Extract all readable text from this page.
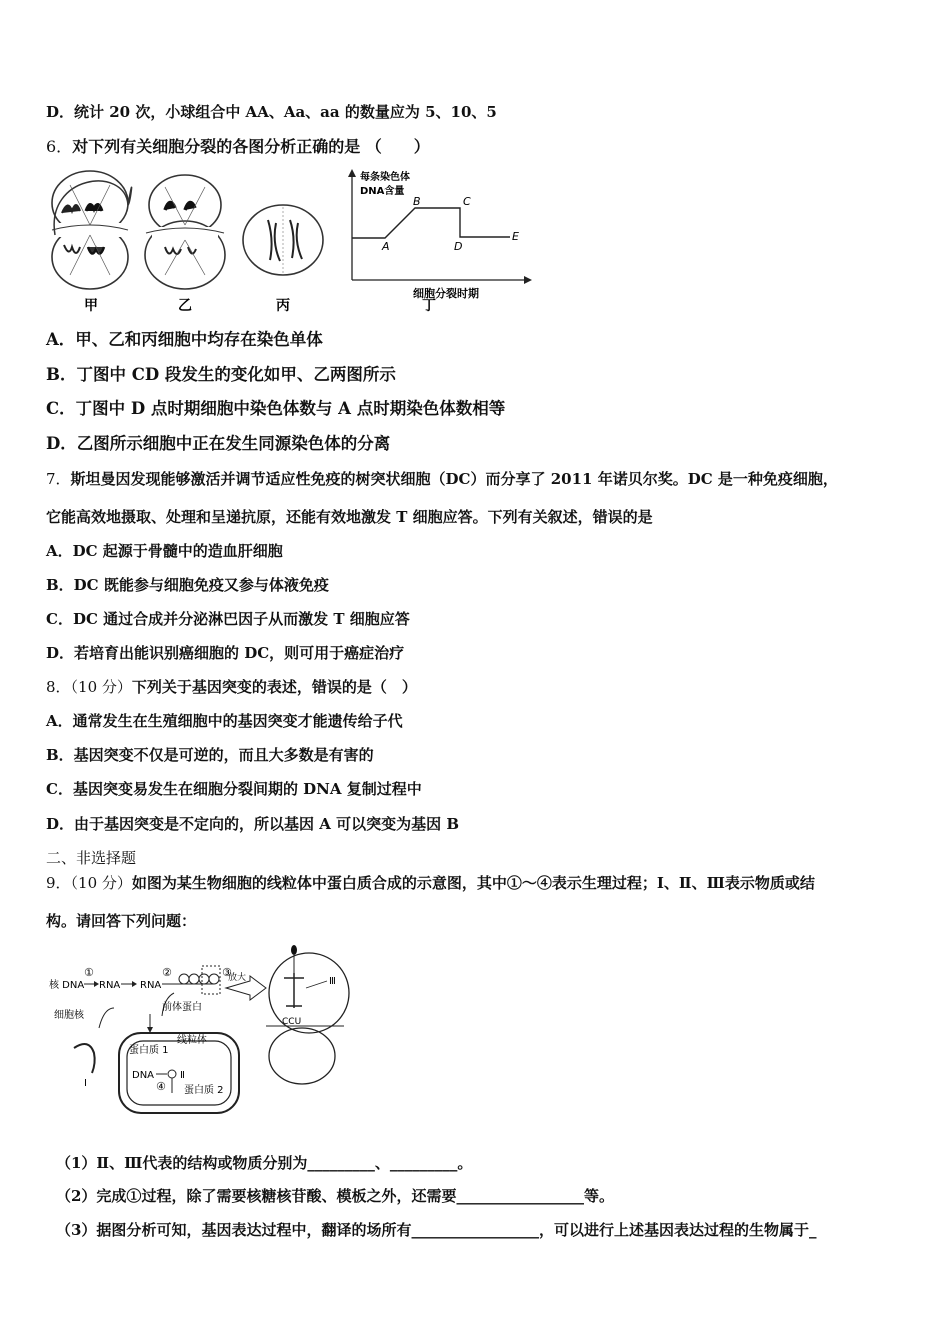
D．统计 20 次，小球组合中 AA、Aa、aa 的数量应为 5、10、5
6．对下列有关细胞分裂的各图分析正确的是 （　　）
甲	乙	丙
每条染色体
DNA含量
细胞分裂时期
A
B	C
D
E
丁
A．甲、乙和丙细胞中均存在染色单体
B．丁图中 CD 段发生的变化如甲、乙两图所示
C．丁图中 D 点时期细胞中染色体数与 A 点时期染色体数相等
D．乙图所示细胞中正在发生同源染色体的分离
7．斯坦曼因发现能够激活并调节适应性免疫的树突状细胞（DC）而分享了 2011 年诺贝尔奖。DC 是一种免疫细胞，
它能高效地摄取、处理和呈递抗原，还能有效地激发 T 细胞应答。下列有关叙述，错误的是
A．DC 起源于骨髓中的造血肝细胞
B．DC 既能参与细胞免疫又参与体液免疫
C．DC 通过合成并分泌淋巴因子从而激发 T 细胞应答
D．若培育出能识别癌细胞的 DC，则可用于癌症治疗
8．（10 分）下列关于基因突变的表述，错误的是（　）
A．通常发生在生殖细胞中的基因突变才能遗传给子代
B．基因突变不仅是可逆的，而且大多数是有害的
C．基因突变易发生在细胞分裂间期的 DNA 复制过程中
D．由于基因突变是不定向的，所以基因 A 可以突变为基因 B
二、非选择题
9．（10 分）如图为某生物细胞的线粒体中蛋白质合成的示意图，其中①～④表示生理过程；Ⅰ、Ⅱ、Ⅲ表示物质或结
构。请回答下列问题：
核 DNA
①
RNA RNA
②	③
放大
细胞核
前体蛋白
蛋白质 1
线粒体
DNA	Ⅱ
④ 蛋白质 2
Ⅰ
Ⅲ
CCU
（1）Ⅱ、Ⅲ代表的结构或物质分别为_________、_________。
（2）完成①过程，除了需要核糖核苷酸、模板之外，还需要_________________等。
（3）据图分析可知，基因表达过程中，翻译的场所有_________________，可以进行上述基因表达过程的生物属于_
